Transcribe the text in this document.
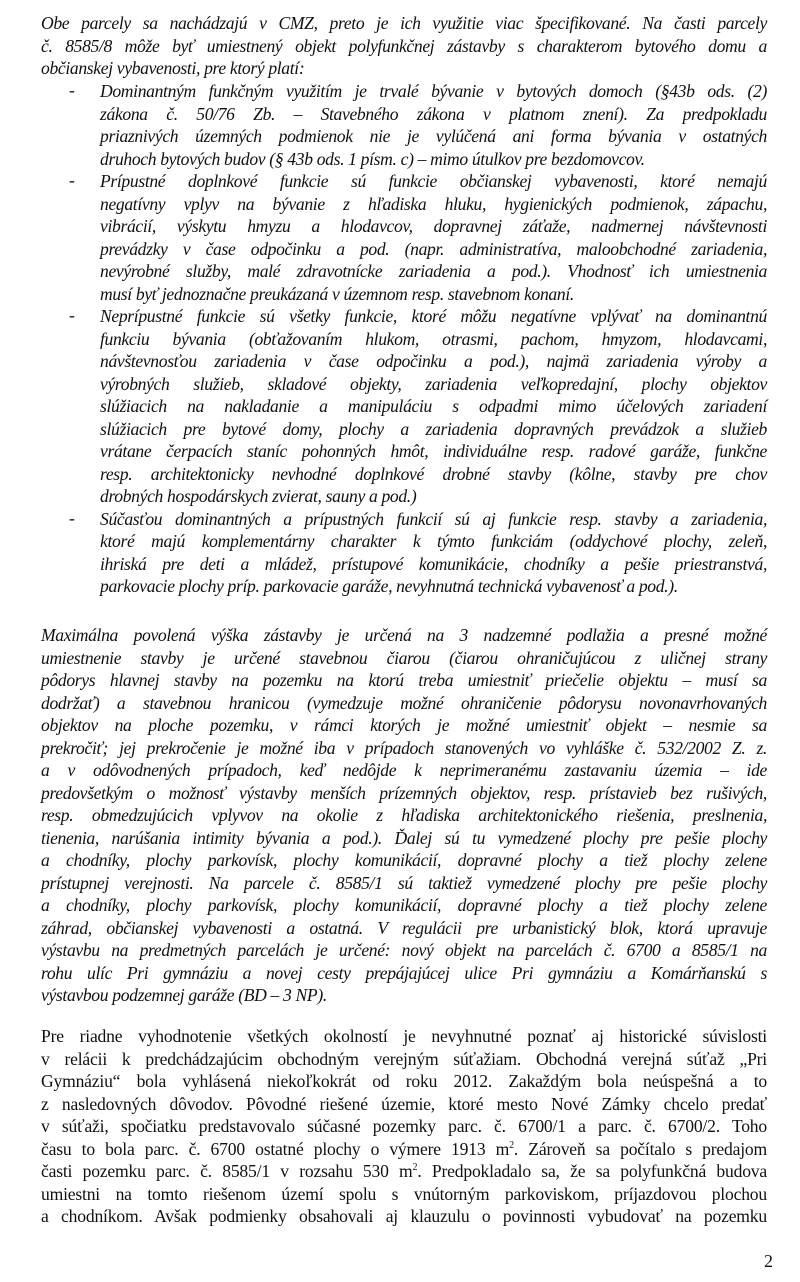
Obe parcely sa nachádzajú v CMZ, preto je ich využitie viac špecifikované. Na časti parcely
č. 8585/8 môže byť umiestnený objekt polyfunkčnej zástavby s charakterom bytového domu a
občianskej vybavenosti, pre ktorý platí:
- Dominantným funkčným využitím je trvalé bývanie v bytových domoch (§43b ods. (2)
zákona č. 50/76 Zb. – Stavebného zákona v platnom znení). Za predpokladu
priaznivých územných podmienok nie je vylúčená ani forma bývania v ostatných
druhoch bytových budov (§ 43b ods. 1 písm. c) – mimo útulkov pre bezdomovcov.
- Prípustné doplnkové funkcie sú funkcie občianskej vybavenosti, ktoré nemajú
negatívny vplyv na bývanie z hľadiska hluku, hygienických podmienok, zápachu,
vibrácií, výskytu hmyzu a hlodavcov, dopravnej záťaže, nadmernej návštevnosti
prevádzky v čase odpočinku a pod. (napr. administratíva, maloobchodné zariadenia,
nevýrobné služby, malé zdravotnícke zariadenia a pod.). Vhodnosť ich umiestnenia
musí byť jednoznačne preukázaná v územnom resp. stavebnom konaní.
- Neprípustné funkcie sú všetky funkcie, ktoré môžu negatívne vplývať na dominantnú
funkciu bývania (obťažovaním hlukom, otrasmi, pachom, hmyzom, hlodavcami,
návštevnosťou zariadenia v čase odpočinku a pod.), najmä zariadenia výroby a
výrobných služieb, skladové objekty, zariadenia veľkopredajní, plochy objektov
slúžiacich na nakladanie a manipuláciu s odpadmi mimo účelových zariadení
slúžiacich pre bytové domy, plochy a zariadenia dopravných prevádzok a služieb
vrátane čerpacích staníc pohonných hmôt, individuálne resp. radové garáže, funkčne
resp. architektonicky nevhodné doplnkové drobné stavby (kôlne, stavby pre chov
drobných hospodárskych zvierat, sauny a pod.)
- Súčasťou dominantných a prípustných funkcií sú aj funkcie resp. stavby a zariadenia,
ktoré majú komplementárny charakter k týmto funkciám (oddychové plochy, zeleň,
ihriská pre deti a mládež, prístupové komunikácie, chodníky a pešie priestranstvá,
parkovacie plochy príp. parkovacie garáže, nevyhnutná technická vybavenosť a pod.).
Maximálna povolená výška zástavby je určená na 3 nadzemné podlažia a presné možné
umiestnenie stavby je určené stavebnou čiarou (čiarou ohraničujúcou z uličnej strany
pôdorys hlavnej stavby na pozemku na ktorú treba umiestniť priečelie objektu – musí sa
dodržať) a stavebnou hranicou (vymedzuje možné ohraničenie pôdorysu novonavrhovaných
objektov na ploche pozemku, v rámci ktorých je možné umiestniť objekt – nesmie sa
prekročiť; jej prekročenie je možné iba v prípadoch stanovených vo vyhláške č. 532/2002 Z. z.
a v odôvodnených prípadoch, keď nedôjde k neprimeranému zastavaniu územia – ide
predovšetkým o možnosť výstavby menších prízemných objektov, resp. prístavieb bez rušivých,
resp. obmedzujúcich vplyvov na okolie z hľadiska architektonického riešenia, preslnenia,
tienenia, narúšania intimity bývania a pod.). Ďalej sú tu vymedzené plochy pre pešie plochy
a chodníky, plochy parkovísk, plochy komunikácií, dopravné plochy a tiež plochy zelene
prístupnej verejnosti. Na parcele č. 8585/1 sú taktiež vymedzené plochy pre pešie plochy
a chodníky, plochy parkovísk, plochy komunikácií, dopravné plochy a tiež plochy zelene
záhrad, občianskej vybavenosti a ostatná. V regulácii pre urbanistický blok, ktorá upravuje
výstavbu na predmetných parcelách je určené: nový objekt na parcelách č. 6700 a 8585/1 na
rohu ulíc Pri gymnáziu a novej cesty prepájajúcej ulice Pri gymnáziu a Komárňanskú s
výstavbou podzemnej garáže (BD – 3 NP).
Pre riadne vyhodnotenie všetkých okolností je nevyhnutné poznať aj historické súvislosti
v relácii k predchádzajúcim obchodným verejným súťažiam. Obchodná verejná súťaž „Pri
Gymnáziu“ bola vyhlásená niekoľkokrát od roku 2012. Zakaždým bola neúspešná a to
z nasledovných dôvodov. Pôvodné riešené územie, ktoré mesto Nové Zámky chcelo predať
v súťaži, spočiatku predstavovalo súčasné pozemky parc. č. 6700/1 a parc. č. 6700/2. Toho
času to bola parc. č. 6700 ostatné plochy o výmere 1913 $m^2$. Zároveň sa počítalo s predajom
časti pozemku parc. č. 8585/1 v rozsahu 530 $m^2$. Predpokladalo sa, že sa polyfunkčná budova
umiestni na tomto riešenom území spolu s vnútorným parkoviskom, príjazdovou plochou
a chodníkom. Avšak podmienky obsahovali aj klauzulu o povinnosti vybudovať na pozemku
2
